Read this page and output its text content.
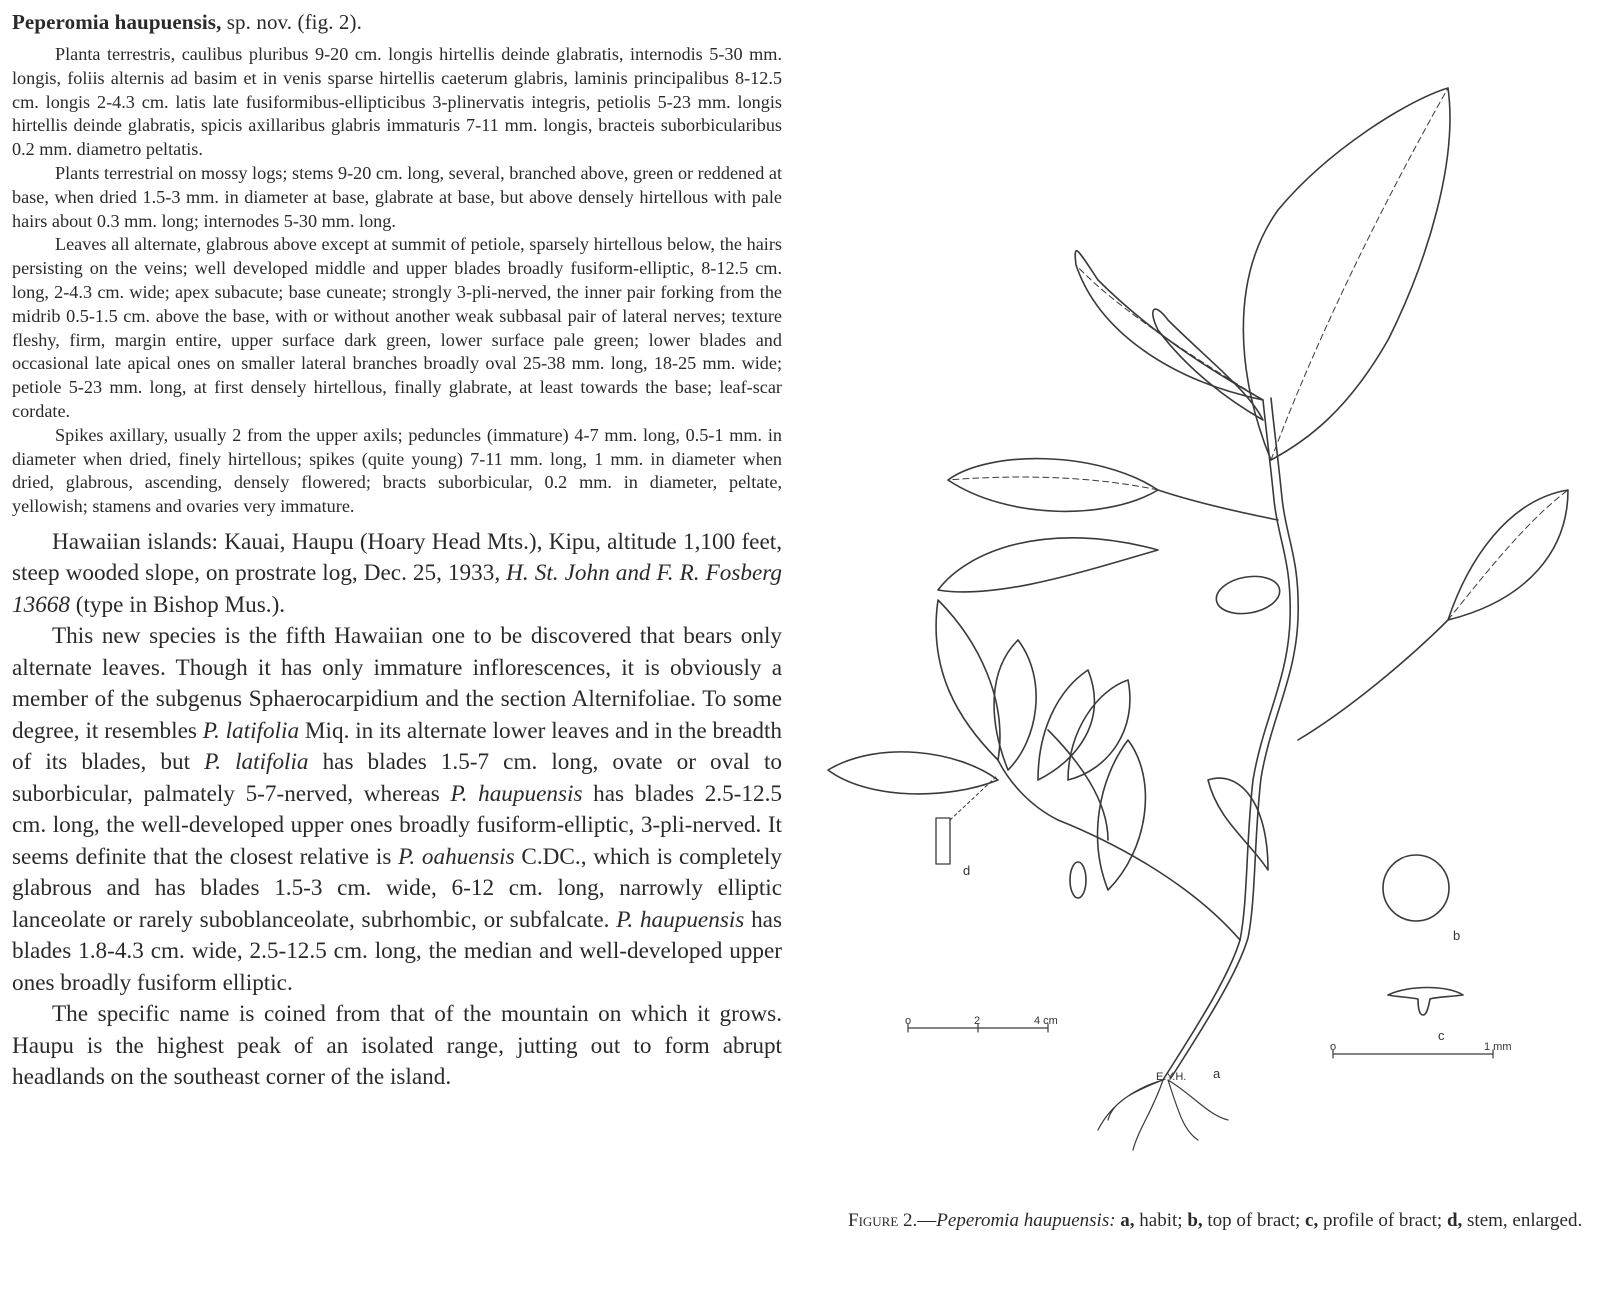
Peperomia haupuensis, sp. nov. (fig. 2).

Planta terrestris, caulibus pluribus 9-20 cm. longis hirtellis deinde glabratis, internodis 5-30 mm. longis, foliis alternis ad basim et in venis sparse hirtellis caeterum glabris, laminis principalibus 8-12.5 cm. longis 2-4.3 cm. latis late fusiformibus-ellipticibus 3-plinervatis integris, petiolis 5-23 mm. longis hirtellis deinde glabratis, spicis axillaribus glabris immaturis 7-11 mm. longis, bracteis suborbicularibus 0.2 mm. diametro peltatis.

Plants terrestrial on mossy logs; stems 9-20 cm. long, several, branched above, green or reddened at base, when dried 1.5-3 mm. in diameter at base, glabrate at base, but above densely hirtellous with pale hairs about 0.3 mm. long; internodes 5-30 mm. long.

Leaves all alternate, glabrous above except at summit of petiole, sparsely hirtellous below, the hairs persisting on the veins; well developed middle and upper blades broadly fusiform-elliptic, 8-12.5 cm. long, 2-4.3 cm. wide; apex subacute; base cuneate; strongly 3-pli-nerved, the inner pair forking from the midrib 0.5-1.5 cm. above the base, with or without another weak subbasal pair of lateral nerves; texture fleshy, firm, margin entire, upper surface dark green, lower surface pale green; lower blades and occasional late apical ones on smaller lateral branches broadly oval 25-38 mm. long, 18-25 mm. wide; petiole 5-23 mm. long, at first densely hirtellous, finally glabrate, at least towards the base; leaf-scar cordate.

Spikes axillary, usually 2 from the upper axils; peduncles (immature) 4-7 mm. long, 0.5-1 mm. in diameter when dried, finely hirtellous; spikes (quite young) 7-11 mm. long, 1 mm. in diameter when dried, glabrous, ascending, densely flowered; bracts suborbicular, 0.2 mm. in diameter, peltate, yellowish; stamens and ovaries very immature.

Hawaiian islands: Kauai, Haupu (Hoary Head Mts.), Kipu, altitude 1,100 feet, steep wooded slope, on prostrate log, Dec. 25, 1933, H. St. John and F. R. Fosberg 13668 (type in Bishop Mus.).

This new species is the fifth Hawaiian one to be discovered that bears only alternate leaves. Though it has only immature inflorescences, it is obviously a member of the subgenus Sphaerocarpidium and the section Alternifoliae. To some degree, it resembles P. latifolia Miq. in its alternate lower leaves and in the breadth of its blades, but P. latifolia has blades 1.5-7 cm. long, ovate or oval to suborbicular, palmately 5-7-nerved, whereas P. haupuensis has blades 2.5-12.5 cm. long, the well-developed upper ones broadly fusiform-elliptic, 3-pli-nerved. It seems definite that the closest relative is P. oahuensis C.DC., which is completely glabrous and has blades 1.5-3 cm. wide, 6-12 cm. long, narrowly elliptic lanceolate or rarely suboblanceolate, subrhombic, or subfalcate. P. haupuensis has blades 1.8-4.3 cm. wide, 2.5-12.5 cm. long, the median and well-developed upper ones broadly fusiform elliptic.

The specific name is coined from that of the mountain on which it grows. Haupu is the highest peak of an isolated range, jutting out to form abrupt headlands on the southeast corner of the island.

d
b
c
a
o	2	4 cm
o	1 mm
E.Y.H.
Figure 2.—Peperomia haupuensis: a, habit; b, top of bract; c, profile of bract; d, stem, enlarged.
